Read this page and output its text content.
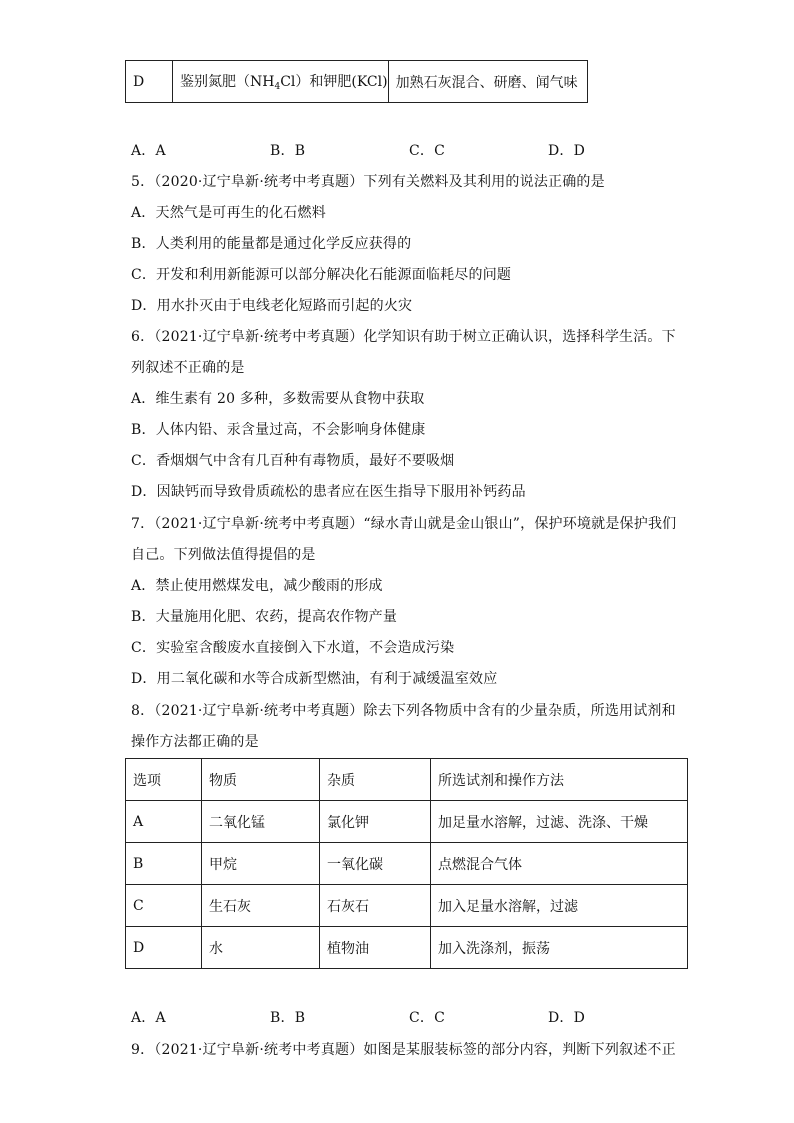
D	鉴别氮肥$(NH_4Cl)$和钾肥(KCl)	加熟石灰混合、研磨、闻气味
A．A	B．B	C．C	D．D
5．（2020·辽宁阜新·统考中考真题）下列有关燃料及其利用的说法正确的是
A．天然气是可再生的化石燃料
B．人类利用的能量都是通过化学反应获得的
C．开发和利用新能源可以部分解决化石能源面临耗尽的问题
D．用水扑灭由于电线老化短路而引起的火灾
6．（2021·辽宁阜新·统考中考真题）化学知识有助于树立正确认识，选择科学生活。下
列叙述不正确的是
A．维生素有 20 多种，多数需要从食物中获取
B．人体内铅、汞含量过高，不会影响身体健康
C．香烟烟气中含有几百种有毒物质，最好不要吸烟
D．因缺钙而导致骨质疏松的患者应在医生指导下服用补钙药品
7．（2021·辽宁阜新·统考中考真题）“绿水青山就是金山银山”，保护环境就是保护我们
自己。下列做法值得提倡的是
A．禁止使用燃煤发电，减少酸雨的形成
B．大量施用化肥、农药，提高农作物产量
C．实验室含酸废水直接倒入下水道，不会造成污染
D．用二氧化碳和水等合成新型燃油，有利于减缓温室效应
8．（2021·辽宁阜新·统考中考真题）除去下列各物质中含有的少量杂质，所选用试剂和
操作方法都正确的是
选项	物质	杂质	所选试剂和操作方法
A	二氧化锰	氯化钾	加足量水溶解，过滤、洗涤、干燥
B	甲烷	一氧化碳	点燃混合气体
C	生石灰	石灰石	加入足量水溶解，过滤
D	水	植物油	加入洗涤剂，振荡
A．A	B．B	C．C	D．D
9．（2021·辽宁阜新·统考中考真题）如图是某服装标签的部分内容，判断下列叙述不正
